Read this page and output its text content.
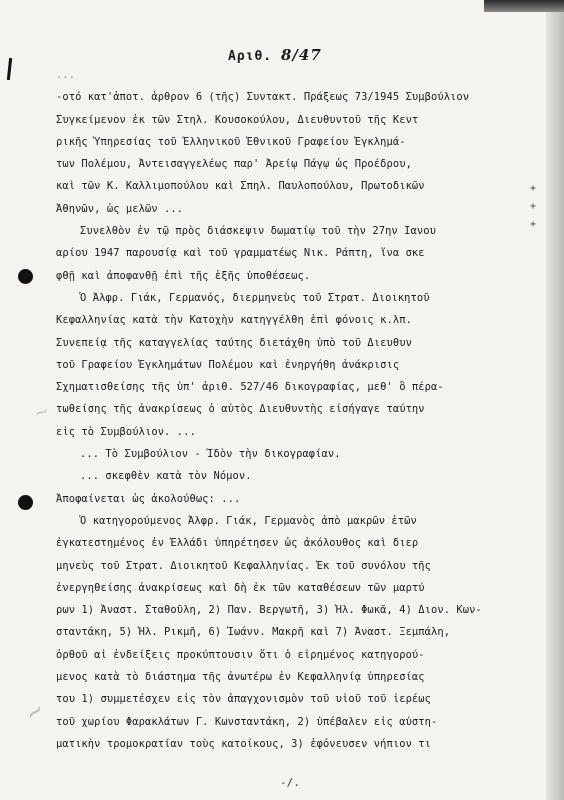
Αριθ. 8/47
...
-οτό κατ'ἀποτ. ἀρθρον 6 (τῆς) Συντακτ. Πράξεως 73/1945 Συμβούλιον
Συγκείμενον ἐκ τῶν Στηλ. Κουσοκούλου, Διευθυντοῦ τῆς Κεντ
ρικῆς Ὑπηρεσίας τοῦ Ἑλληνικοῦ Ἐθνικοῦ Γραφείου Ἐγκλημά-
των Πολέμου, Ἀντεισαγγελέως παρ' Ἀρείῳ Πάγῳ ὡς Προέδρου,
καὶ τῶν Κ. Καλλιμοπούλου καὶ Σπηλ. Παυλοπούλου, Πρωτοδικῶν
Ἀθηνῶν, ὡς μελῶν ...
Συνελθὸν ἐν τῷ πρὸς διάσκεψιν δωματίῳ τοῦ τὴν 27ην Ιανου
αρίου 1947 παρουσίᾳ καὶ τοῦ γραμματέως Νικ. Ράπτη, ἵνα σκε
φθῇ καὶ ἀποφανθῇ ἐπὶ τῆς ἑξῆς ὑποθέσεως.
Ὁ Ἀλφρ. Γιάκ, Γερμανός, διερμηνεὺς τοῦ Στρατ. Διοικητοῦ
Κεφαλληνίας κατὰ τὴν Κατοχὴν κατηγγέλθη ἐπὶ φόνοις κ.λπ.
Συνεπείᾳ τῆς καταγγελίας ταύτης διετάχθη ὑπὸ τοῦ Διευθυν
τοῦ Γραφείου Ἐγκλημάτων Πολέμου καὶ ἐνηργήθη ἀνάκρισις
Σχηματισθείσης τῆς ὑπ' ἀριθ. 527/46 δικογραφίας, μεθ' ὃ πέρα-
τωθείσης τῆς ἀνακρίσεως ὁ αὐτὸς Διευθυντὴς εἰσήγαγε ταύτην
εἰς τὸ Συμβούλιον. ...
... Τὸ Συμβούλιον - Ἰδὸν τὴν δικογραφίαν.
... σκεφθὲν κατὰ τὸν Νόμον.
Ἀποφαίνεται ὡς ἀκολούθως: ...
Ὁ κατηγορούμενος Ἀλφρ. Γιάκ, Γερμανὸς ἀπὸ μακρῶν ἐτῶν
ἐγκατεστημένος ἐν Ἑλλάδι ὑπηρέτησεν ὡς ἀκόλουθος καὶ διερ
μηνεὺς τοῦ Στρατ. Διοικητοῦ Κεφαλληνίας. Ἐκ τοῦ συνόλου τῆς
ἐνεργηθείσης ἀνακρίσεως καὶ δὴ ἐκ τῶν καταθέσεων τῶν μαρτύ
ρων 1) Ἀναστ. Σταθοῦλη, 2) Παν. Βεργωτῆ, 3) Ἠλ. Φωκᾶ, 4) Διον. Κων-
σταντάκη, 5) Ἠλ. Ρικμῆ, 6) Ἰωάνν. Μακρῆ καὶ 7) Ἀναστ. Ξεμπάλη,
ὀρθοῦ αἱ ἐνδείξεις προκύπτουσιν ὅτι ὁ εἰρημένος κατηγορού-
μενος κατὰ τὸ διάστημα τῆς ἀνωτέρω ἐν Κεφαλληνίᾳ ὑπηρεσίας
του 1) συμμετέσχεν εἰς τὸν ἀπαγχονισμὸν τοῦ υἱοῦ τοῦ ἱερέως
τοῦ χωρίου Φαρακλάτων Γ. Κωνσταντάκη, 2) ὑπέβαλεν εἰς αὐστη-
ματικὴν τρομοκρατίαν τοὺς κατοίκους, 3) ἐφόνευσεν νήπιον τι
+
+
+
~
~
-/.
